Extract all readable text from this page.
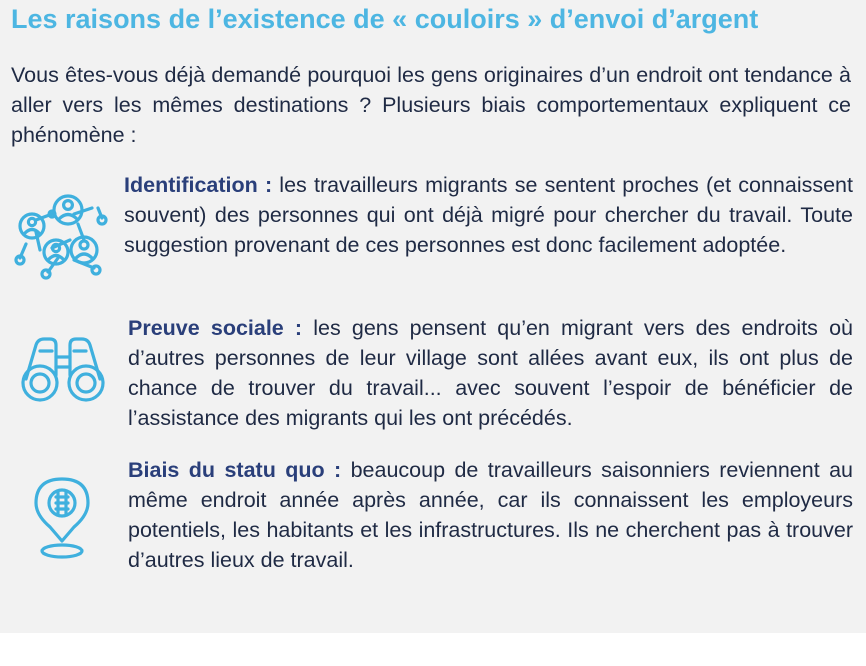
Les raisons de l’existence de « couloirs » d’envoi d’argent

Vous êtes-vous déjà demandé pourquoi les gens originaires d’un endroit ont tendance à aller vers les mêmes destinations ? Plusieurs biais comportementaux expliquent ce phénomène :

Identification : les travailleurs migrants se sentent proches (et connaissent souvent) des personnes qui ont déjà migré pour chercher du travail. Toute suggestion provenant de ces personnes est donc facilement adoptée.

Preuve sociale : les gens pensent qu’en migrant vers des endroits où d’autres personnes de leur village sont allées avant eux, ils ont plus de chance de trouver du travail... avec souvent l’espoir de bénéficier de l’assistance des migrants qui les ont précédés.

Biais du statu quo : beaucoup de travailleurs saisonniers reviennent au même endroit année après année, car ils connaissent les employeurs potentiels, les habitants et les infrastructures. Ils ne cherchent pas à trouver d’autres lieux de travail.
